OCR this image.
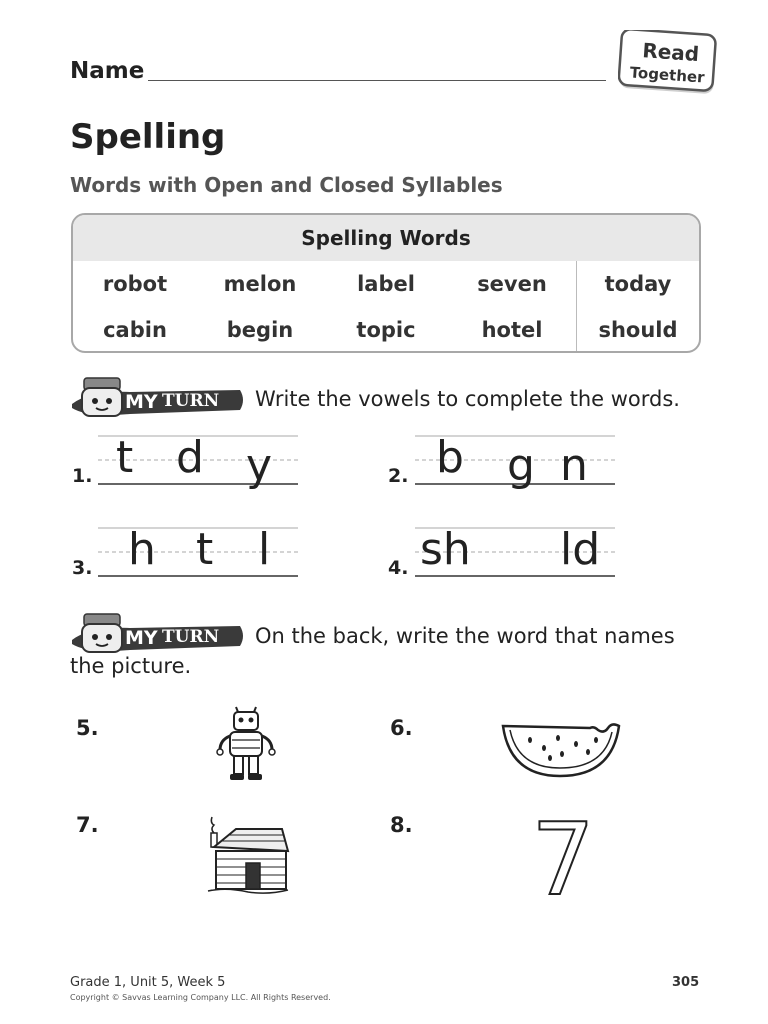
Name
Read
Together
Spelling
Words with Open and Closed Syllables
Spelling Words
robot	melon	label	seven	today
cabin	begin	topic	hotel	should
MY TURN Write the vowels to complete the words.
1. t d y	2. b g n
3. h t l	4. sh ld
MY TURN On the back, write the word that names
the picture.
5.	6.
7.	8. 7
Grade 1, Unit 5, Week 5	305
Copyright © Savvas Learning Company LLC. All Rights Reserved.
